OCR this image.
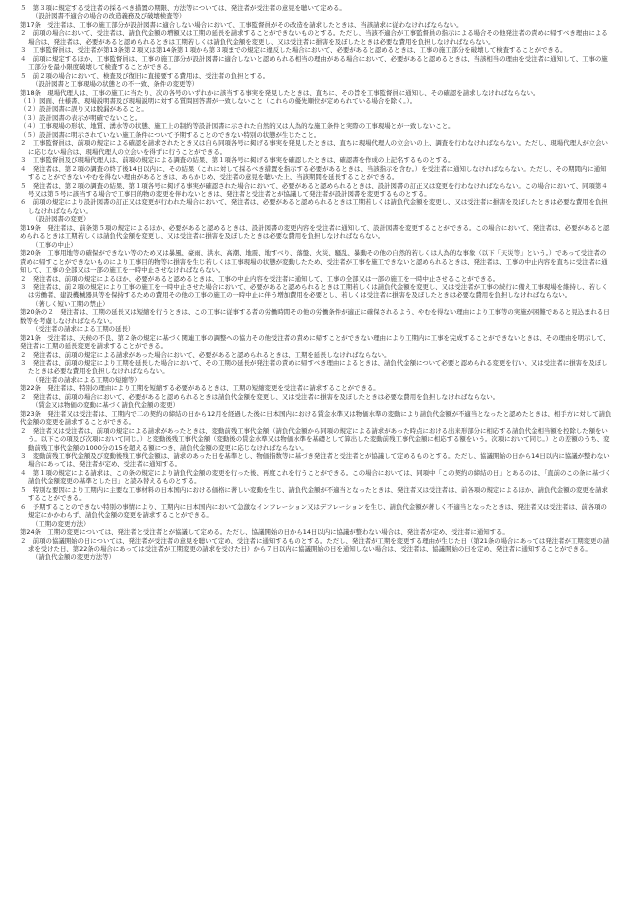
５　第３項に規定する受注者の採るべき措置の期限、方法等については、発注者が受注者の意見を聴いて定める。

（設計図書不適合の場合の改造義務及び破壊検査等）

第17条　受注者は、工事の施工部分が設計図書に適合しない場合において、工事監督員がその改造を請求したときは、当該請求に従わなければならない。

２　前項の場合において、受注者は、請負代金額の増額又は工期の延長を請求することができないものとする。ただし、当該不適合が工事監督員の指示による場合その他発注者の責めに帰すべき理由による場合は、発注者は、必要があると認められるときは工期若しくは請負代金額を変更し、又は受注者に損害を及ぼしたときは必要な費用を負担しなければならない。

３　工事監督員は、受注者が第13条第２項又は第14条第１項から第３項までの規定に違反した場合において、必要があると認めるときは、工事の施工部分を破壊して検査することができる。

４　前項に規定するほか、工事監督員は、工事の施工部分が設計図書に適合しないと認められる相当の理由がある場合において、必要があると認めるときは、当該相当の理由を受注者に通知して、工事の施工部分を最小限度破壊して検査することができる。

５　前２項の場合において、検査及び復旧に直接要する費用は、受注者の負担とする。

（設計図書と工事現場の状態との不一致、条件の変更等）

第18条　現場代理人は、工事の施工に当たり、次の各号のいずれかに該当する事実を発見したときは、直ちに、その旨を工事監督員に通知し、その確認を請求しなければならない。

（１）図面、仕様書、現場説明書及び現場説明に対する質問回答書が一致しないこと（これらの優先順位が定められている場合を除く。）。

（２）設計図書に誤り又は脱漏があること。

（３）設計図書の表示が明確でないこと。

（４）工事現場の形状、地質、湧水等の状態、施工上の制約等設計図書に示された自然的又は人為的な施工条件と実際の工事現場とが一致しないこと。

（５）設計図書に明示されていない施工条件について予期することのできない特別の状態が生じたこと。

２　工事監督員は、前項の規定による確認を請求されたとき又は自ら同項各号に掲げる事実を発見したときは、直ちに現場代理人の立会いの上、調査を行わなければならない。ただし、現場代理人が立会いに応じない場合は、現場代理人の立会いを得ずに行うことができる。

３　工事監督員及び現場代理人は、前項の規定による調査の結果、第１項各号に掲げる事実を確認したときは、確認書を作成の上記名するものとする。

４　発注者は、第２項の調査の終了後14日以内に、その結果（これに対して採るべき措置を指示する必要があるときは、当該指示を含む。）を受注者に通知しなければならない。ただし、その期間内に通知することができないやむを得ない理由があるときは、あらかじめ、受注者の意見を聴いた上、当該期間を延長することができる。

５　発注者は、第２項の調査の結果、第１項各号に掲げる事実が確認された場合において、必要があると認められるときは、設計図書の訂正又は変更を行わなければならない。この場合において、同項第４号又は第５号に該当する場合で工事目的物の変更を伴わないときは、発注者と受注者とが協議して発注者が設計図書を変更するものとする。

６　前項の規定により設計図書の訂正又は変更が行われた場合において、発注者は、必要があると認められるときは工期若しくは請負代金額を変更し、又は受注者に損害を及ぼしたときは必要な費用を負担しなければならない。

（設計図書の変更）

第19条　発注者は、前条第５項の規定によるほか、必要があると認めるときは、設計図書の変更内容を受注者に通知して、設計図書を変更することができる。この場合において、発注者は、必要があると認められるときは工期若しくは請負代金額を変更し、又は受注者に損害を及ぼしたときは必要な費用を負担しなければならない。

（工事の中止）

第20条　工事用地等の確保ができない等のため又は暴風、豪雨、洪水、高潮、地震、地すべり、落盤、火災、騒乱、暴動その他の自然的若しくは人為的な事象（以下「天災等」という。）であって受注者の責めに帰すことができないものにより工事目的物等に損害を生じ若しくは工事現場の状態が変動したため、受注者が工事を施工できないと認められるときは、発注者は、工事の中止内容を直ちに受注者に通知して、工事の全部又は一部の施工を一時中止させなければならない。

２　発注者は、前項の規定によるほか、必要があると認めるときは、工事の中止内容を受注者に通知して、工事の全部又は一部の施工を一時中止させることができる。

３　発注者は、前２項の規定により工事の施工を一時中止させた場合において、必要があると認められるときは工期若しくは請負代金額を変更し、又は受注者が工事の続行に備え工事現場を維持し、若しくは労働者、建設機械器具等を保持するための費用その他の工事の施工の一時中止に伴う増加費用を必要とし、若しくは受注者に損害を及ぼしたときは必要な費用を負担しなければならない。

（著しく短い工期の禁止）

第20条の２　発注者は、工期の延長又は短縮を行うときは、この工事に従事する者の労働時間その他の労働条件が適正に確保されるよう、やむを得ない理由により工事等の実施が困難であると見込まれる日数等を考慮しなければならない。

（受注者の請求による工期の延長）

第21条　受注者は、天候の不良、第２条の規定に基づく関連工事の調整への協力その他受注者の責めに帰すことができない理由により工期内に工事を完成することができないときは、その理由を明示して、発注者に工期の延長変更を請求することができる。

２　発注者は、前項の規定による請求があった場合において、必要があると認められるときは、工期を延長しなければならない。

３　発注者は、前項の規定により工期を延長した場合において、その工期の延長が発注者の責めに帰すべき理由によるときは、請負代金額について必要と認められる変更を行い、又は受注者に損害を及ぼしたときは必要な費用を負担しなければならない。

（発注者の請求による工期の短縮等）

第22条　発注者は、特別の理由により工期を短縮する必要があるときは、工期の短縮変更を受注者に請求することができる。

２　発注者は、前項の場合において、必要があると認められるときは請負代金額を変更し、又は受注者に損害を及ぼしたときは必要な費用を負担しなければならない。

（賃金又は物価の変動に基づく請負代金額の変更）

第23条　発注者又は受注者は、工期内で二の契約の締結の日から12月を経過した後に日本国内における賃金水準又は物価水準の変動により請負代金額が不適当となったと認めたときは、相手方に対して請負代金額の変更を請求することができる。

２　発注者又は受注者は、前項の規定による請求があったときは、変動前残工事代金額（請負代金額から同項の規定による請求があった時点における出来形部分に相応する請負代金相当額を控除した額をいう。以下この項及び次項において同じ。）と変動後残工事代金額（変動後の賃金水準又は物価水準を基礎として算出した変動前残工事代金額に相応する額をいう。次項において同じ。）との差額のうち、変動前残工事代金額の1000分の15を超える額につき、請負代金額の変更に応じなければならない。

３　変動前残工事代金額及び変動後残工事代金額は、請求のあった日を基準とし、物価指数等に基づき発注者と受注者とが協議して定めるものとする。ただし、協議開始の日から14日以内に協議が整わない場合にあっては、発注者が定め、受注者に通知する。

４　第１項の規定による請求は、この条の規定により請負代金額の変更を行った後、再度これを行うことができる。この場合においては、同項中「この契約の締結の日」とあるのは、「直前のこの条に基づく請負代金額変更の基準とした日」と読み替えるものとする。

５　特別な要因により工期内に主要な工事材料の日本国内における価格に著しい変動を生じ、請負代金額が不適当となったときは、発注者又は受注者は、前各項の規定によるほか、請負代金額の変更を請求することができる。

６　予期することのできない特別の事情により、工期内に日本国内において急激なインフレーション又はデフレーションを生じ、請負代金額が著しく不適当となったときは、発注者又は受注者は、前各項の規定にかかわらず、請負代金額の変更を請求することができる。

（工期の変更方法）

第24条　工期の変更については、発注者と受注者とが協議して定める。ただし、協議開始の日から14日以内に協議が整わない場合は、発注者が定め、受注者に通知する。

２　前項の協議開始の日については、発注者が受注者の意見を聴いて定め、受注者に通知するものとする。ただし、発注者が工期を変更する理由が生じた日（第21条の場合にあっては発注者が工期変更の請求を受けた日、第22条の場合にあっては受注者が工期変更の請求を受けた日）から７日以内に協議開始の日を通知しない場合は、受注者は、協議開始の日を定め、発注者に通知することができる。

（請負代金額の変更方法等）
